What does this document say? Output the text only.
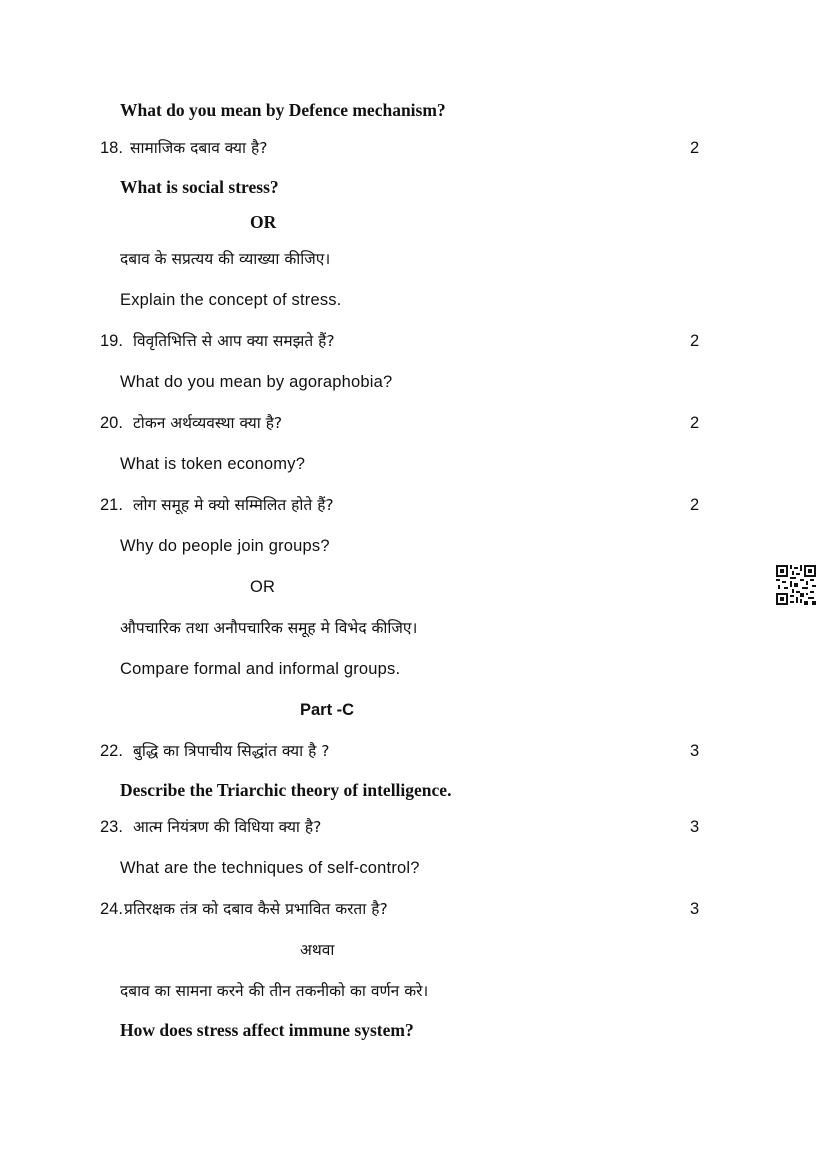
What do you mean by Defence mechanism?
18. सामाजिक दबाव क्या है?	2
What is social stress?
OR
दबाव के सप्रत्यय की व्याख्या कीजिए।
Explain the concept of stress.
19. विवृतिभित्ति से आप क्या समझते हैं?	2
What do you mean by agoraphobia?
20. टोकन अर्थव्यवस्था क्या है?	2
What is token economy?
21. लोग समूह मे क्यो सम्मिलित होते हैं?	2
Why do people join groups?
OR
औपचारिक तथा अनौपचारिक समूह मे विभेद कीजिए।
Compare formal and informal groups.
Part -C
22. बुद्धि का त्रिपाचीय सिद्धांत क्या है ?	3
Describe the Triarchic theory of intelligence.
23. आत्म नियंत्रण की विधिया क्या है?	3
What are the techniques of self-control?
24. प्रतिरक्षक तंत्र को दबाव कैसे प्रभावित करता है?	3
अथवा
दबाव का सामना करने की तीन तकनीको का वर्णन करे।
How does stress affect immune system?
